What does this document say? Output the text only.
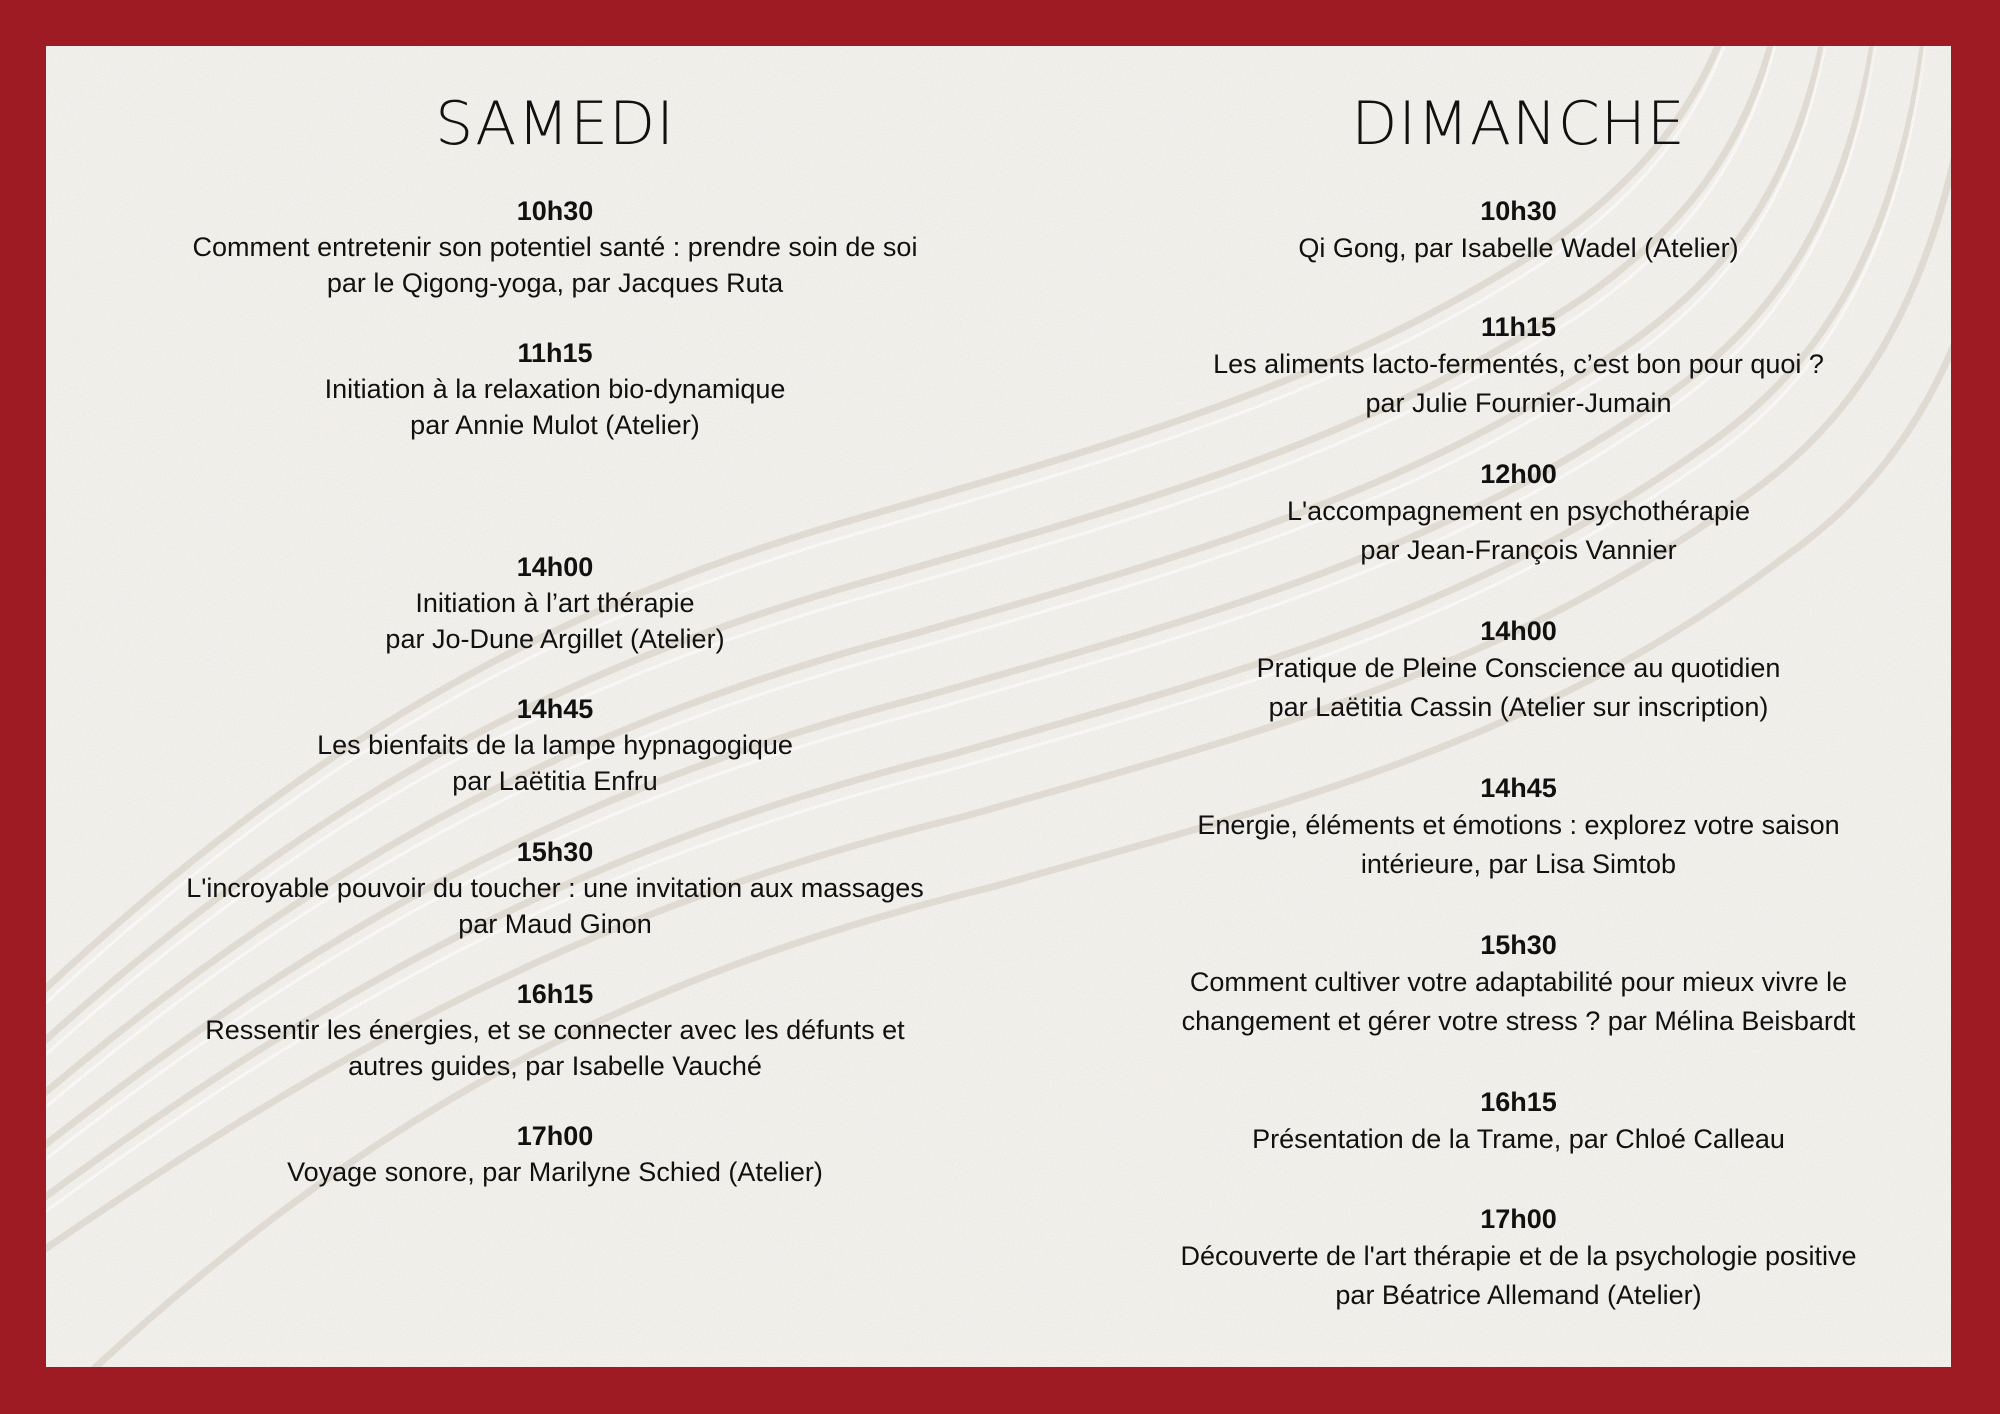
SAMEDI
10h30
Comment entretenir son potentiel santé : prendre soin de soi
par le Qigong-yoga, par Jacques Ruta
11h15
Initiation à la relaxation bio-dynamique
par Annie Mulot (Atelier)
14h00
Initiation à l’art thérapie
par Jo-Dune Argillet (Atelier)
14h45
Les bienfaits de la lampe hypnagogique
par Laëtitia Enfru
15h30
L'incroyable pouvoir du toucher : une invitation aux massages
par Maud Ginon
16h15
Ressentir les énergies, et se connecter avec les défunts et
autres guides, par Isabelle Vauché
17h00
Voyage sonore, par Marilyne Schied (Atelier)
DIMANCHE
10h30
Qi Gong, par Isabelle Wadel (Atelier)
11h15
Les aliments lacto-fermentés, c’est bon pour quoi ?
par Julie Fournier-Jumain
12h00
L'accompagnement en psychothérapie
par Jean-François Vannier
14h00
Pratique de Pleine Conscience au quotidien
par Laëtitia Cassin (Atelier sur inscription)
14h45
Energie, éléments et émotions : explorez votre saison
intérieure, par Lisa Simtob
15h30
Comment cultiver votre adaptabilité pour mieux vivre le
changement et gérer votre stress ? par Mélina Beisbardt
16h15
Présentation de la Trame, par Chloé Calleau
17h00
Découverte de l'art thérapie et de la psychologie positive
par Béatrice Allemand (Atelier)
